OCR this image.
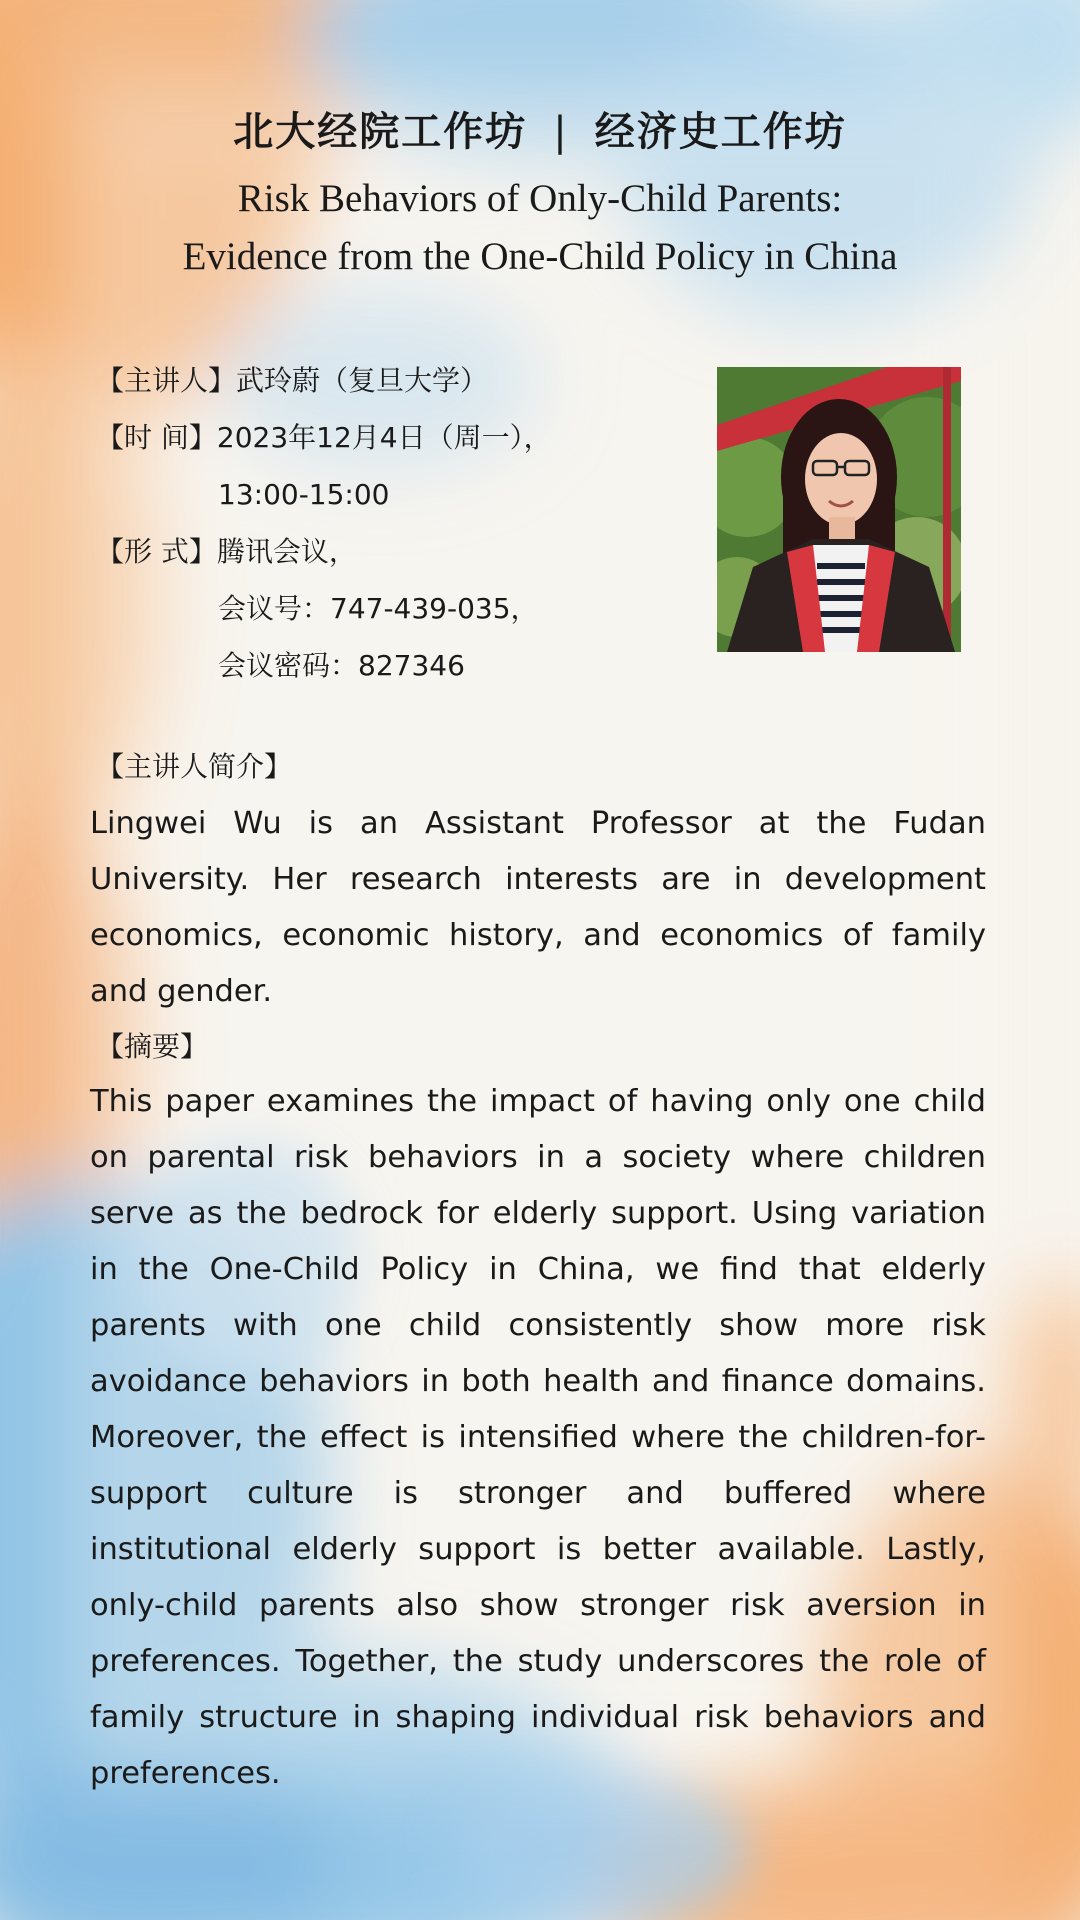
北大经院工作坊 | 经济史工作坊
Risk Behaviors of Only-Child Parents:
Evidence from the One-Child Policy in China
【主讲人】武玲蔚（复旦大学）
【时 间】2023年12月4日（周一），
13:00-15:00
【形 式】腾讯会议，
会议号：747-439-035，
会议密码：827346
【主讲人简介】
Lingwei Wu is an Assistant Professor at the Fudan University. Her research interests are in development economics, economic history, and economics of family and gender.
【摘要】
This paper examines the impact of having only one child on parental risk behaviors in a society where children serve as the bedrock for elderly support. Using variation in the One-Child Policy in China, we find that elderly parents with one child consistently show more risk avoidance behaviors in both health and finance domains. Moreover, the effect is intensified where the children-for-support culture is stronger and buffered where institutional elderly support is better available. Lastly, only-child parents also show stronger risk aversion in preferences. Together, the study underscores the role of family structure in shaping individual risk behaviors and preferences.
